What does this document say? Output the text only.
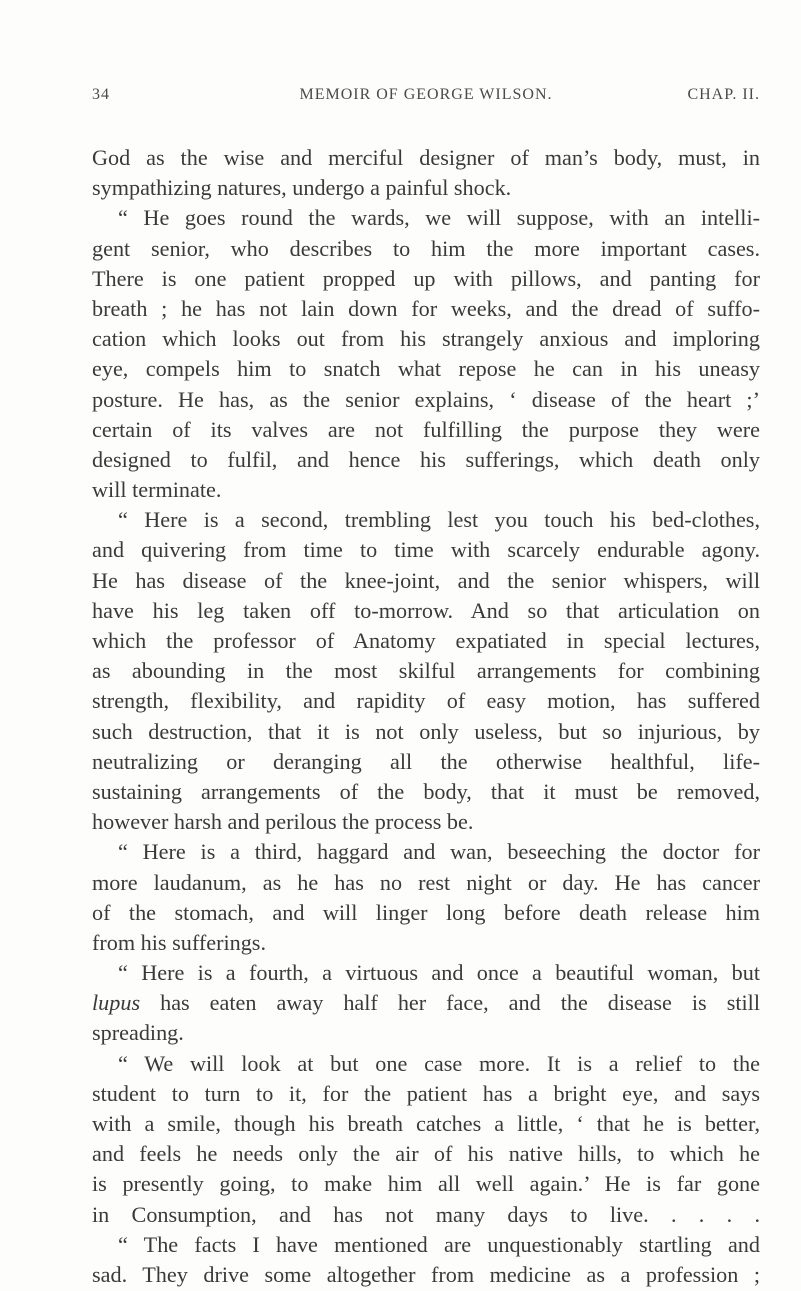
34	MEMOIR OF GEORGE WILSON.	CHAP. II.
God as the wise and merciful designer of man’s body, must, in
sympathizing natures, undergo a painful shock.
“ He goes round the wards, we will suppose, with an intelli-
gent senior, who describes to him the more important cases.
There is one patient propped up with pillows, and panting for
breath ; he has not lain down for weeks, and the dread of suffo-
cation which looks out from his strangely anxious and imploring
eye, compels him to snatch what repose he can in his uneasy
posture. He has, as the senior explains, ‘ disease of the heart ;’
certain of its valves are not fulfilling the purpose they were
designed to fulfil, and hence his sufferings, which death only
will terminate.
“ Here is a second, trembling lest you touch his bed-clothes,
and quivering from time to time with scarcely endurable agony.
He has disease of the knee-joint, and the senior whispers, will
have his leg taken off to-morrow. And so that articulation on
which the professor of Anatomy expatiated in special lectures,
as abounding in the most skilful arrangements for combining
strength, flexibility, and rapidity of easy motion, has suffered
such destruction, that it is not only useless, but so injurious, by
neutralizing or deranging all the otherwise healthful, life-
sustaining arrangements of the body, that it must be removed,
however harsh and perilous the process be.
“ Here is a third, haggard and wan, beseeching the doctor for
more laudanum, as he has no rest night or day. He has cancer
of the stomach, and will linger long before death release him
from his sufferings.
“ Here is a fourth, a virtuous and once a beautiful woman, but
lupus has eaten away half her face, and the disease is still
spreading.
“ We will look at but one case more. It is a relief to the
student to turn to it, for the patient has a bright eye, and says
with a smile, though his breath catches a little, ‘ that he is better,
and feels he needs only the air of his native hills, to which he
is presently going, to make him all well again.’ He is far gone
in Consumption, and has not many days to live. . . . .
“ The facts I have mentioned are unquestionably startling and
sad. They drive some altogether from medicine as a profession ;
